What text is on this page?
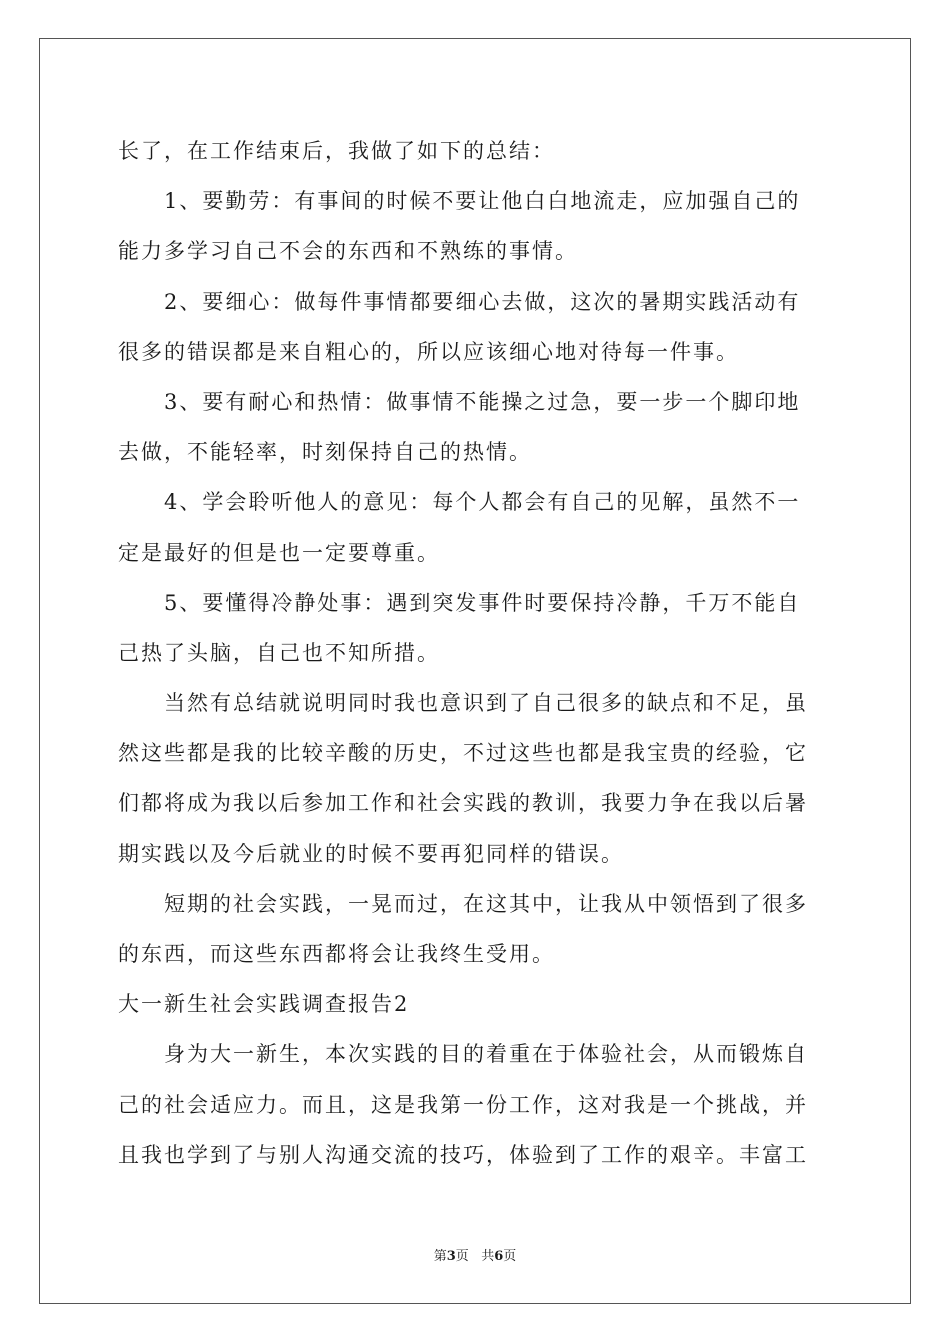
长了，在工作结束后，我做了如下的总结：
1、要勤劳：有事间的时候不要让他白白地流走，应加强自己的
能力多学习自己不会的东西和不熟练的事情。
2、要细心：做每件事情都要细心去做，这次的暑期实践活动有
很多的错误都是来自粗心的，所以应该细心地对待每一件事。
3、要有耐心和热情：做事情不能操之过急，要一步一个脚印地
去做，不能轻率，时刻保持自己的热情。
4、学会聆听他人的意见：每个人都会有自己的见解，虽然不一
定是最好的但是也一定要尊重。
5、要懂得冷静处事：遇到突发事件时要保持冷静，千万不能自
己热了头脑，自己也不知所措。
当然有总结就说明同时我也意识到了自己很多的缺点和不足，虽
然这些都是我的比较辛酸的历史，不过这些也都是我宝贵的经验，它
们都将成为我以后参加工作和社会实践的教训，我要力争在我以后暑
期实践以及今后就业的时候不要再犯同样的错误。
短期的社会实践，一晃而过，在这其中，让我从中领悟到了很多
的东西，而这些东西都将会让我终生受用。
大一新生社会实践调查报告2
身为大一新生，本次实践的目的着重在于体验社会，从而锻炼自
己的社会适应力。而且，这是我第一份工作，这对我是一个挑战，并
且我也学到了与别人沟通交流的技巧，体验到了工作的艰辛。丰富工
第3页 共6页
